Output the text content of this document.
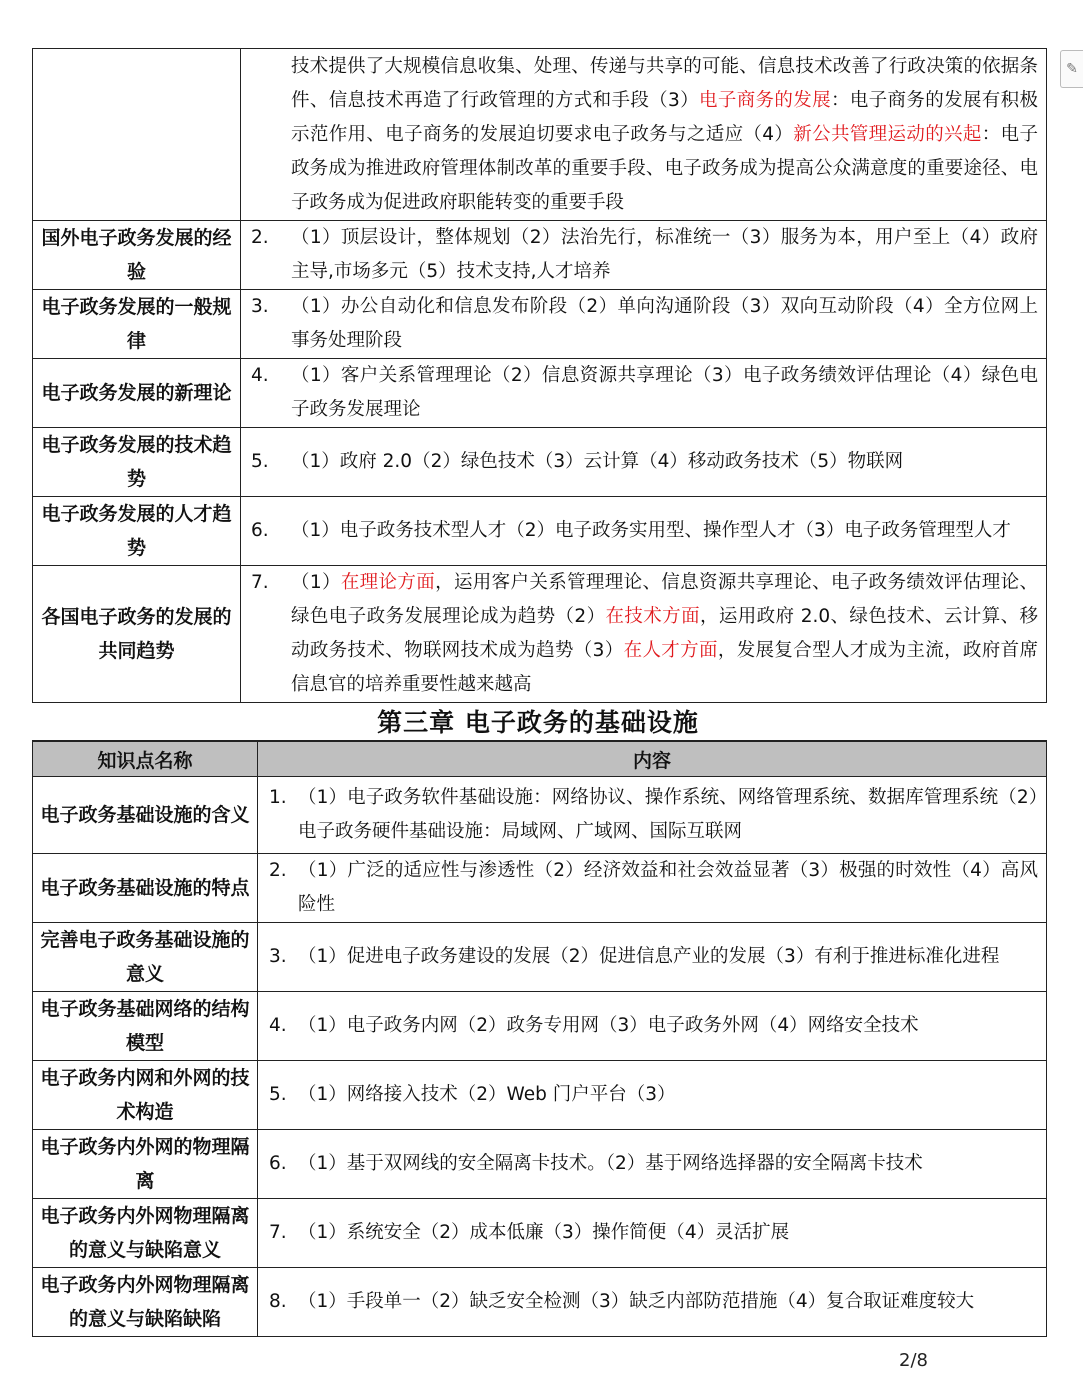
	技术提供了大规模信息收集、处理、传递与共享的可能、信息技术改善了行政决策的依据条件、信息技术再造了行政管理的方式和手段（3）电子商务的发展：电子商务的发展有积极示范作用、电子商务的发展迫切要求电子政务与之适应（4）新公共管理运动的兴起：电子政务成为推进政府管理体制改革的重要手段、电子政务成为提高公众满意度的重要途径、电子政务成为促进政府职能转变的重要手段

国外电子政务发展的经验	2. （1）顶层设计，整体规划（2）法治先行，标准统一（3）服务为本，用户至上（4）政府主导,市场多元（5）技术支持,人才培养

电子政务发展的一般规律	3. （1）办公自动化和信息发布阶段（2）单向沟通阶段（3）双向互动阶段（4）全方位网上事务处理阶段

电子政务发展的新理论	4. （1）客户关系管理理论（2）信息资源共享理论（3）电子政务绩效评估理论（4）绿色电子政务发展理论

电子政务发展的技术趋势	5. （1）政府 2.0（2）绿色技术（3）云计算（4）移动政务技术（5）物联网

电子政务发展的人才趋势	6. （1）电子政务技术型人才（2）电子政务实用型、操作型人才（3）电子政务管理型人才

各国电子政务的发展的共同趋势	7. （1）在理论方面，运用客户关系管理理论、信息资源共享理论、电子政务绩效评估理论、绿色电子政务发展理论成为趋势（2）在技术方面，运用政府 2.0、绿色技术、云计算、移动政务技术、物联网技术成为趋势（3）在人才方面，发展复合型人才成为主流，政府首席信息官的培养重要性越来越高
第三章 电子政务的基础设施
知识点名称	内容
电子政务基础设施的含义	1. （1）电子政务软件基础设施：网络协议、操作系统、网络管理系统、数据库管理系统（2）电子政务硬件基础设施：局域网、广域网、国际互联网

电子政务基础设施的特点	2. （1）广泛的适应性与渗透性（2）经济效益和社会效益显著（3）极强的时效性（4）高风险性

完善电子政务基础设施的意义	3. （1）促进电子政务建设的发展（2）促进信息产业的发展（3）有利于推进标准化进程

电子政务基础网络的结构模型	4. （1）电子政务内网（2）政务专用网（3）电子政务外网（4）网络安全技术

电子政务内网和外网的技术构造	5. （1）网络接入技术（2）Web 门户平台（3）

电子政务内外网的物理隔离	6. （1）基于双网线的安全隔离卡技术。（2）基于网络选择器的安全隔离卡技术

电子政务内外网物理隔离的意义与缺陷意义	7. （1）系统安全（2）成本低廉（3）操作简便（4）灵活扩展

电子政务内外网物理隔离的意义与缺陷缺陷	8. （1）手段单一（2）缺乏安全检测（3）缺乏内部防范措施（4）复合取证难度较大
2/8
✎
